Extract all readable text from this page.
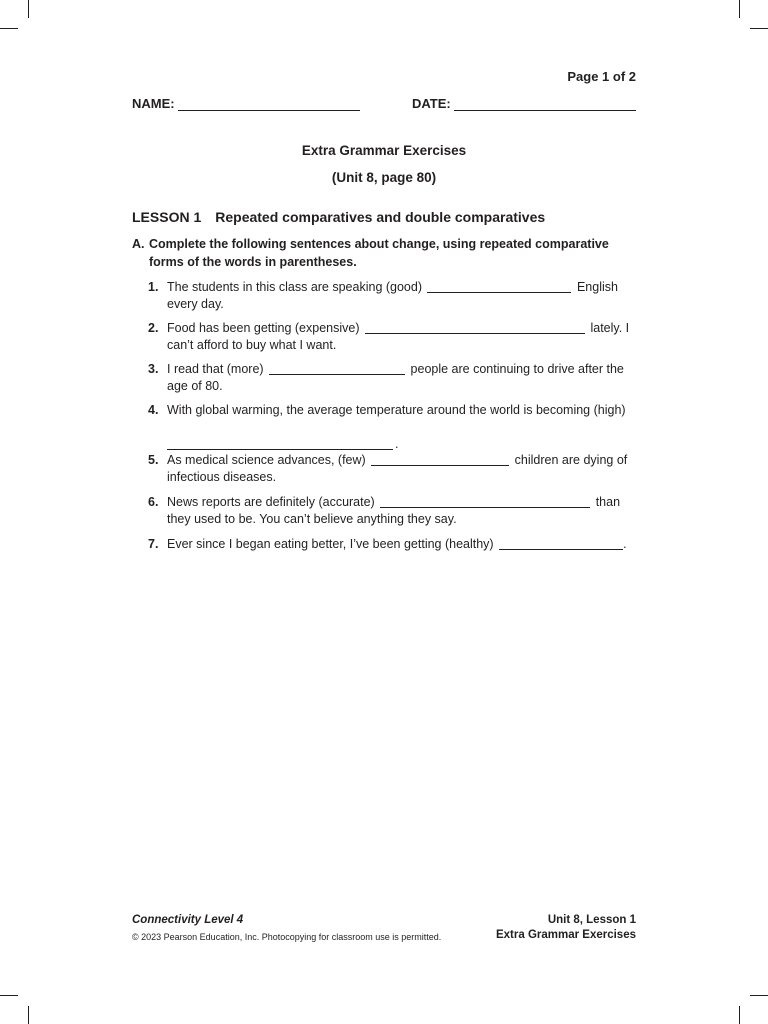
Page 1 of 2
NAME:	DATE:
Extra Grammar Exercises
(Unit 8, page 80)
LESSON 1 Repeated comparatives and double comparatives
A. Complete the following sentences about change, using repeated comparative forms of the words in parentheses.
1. The students in this class are speaking (good)	English every day.
2. Food has been getting (expensive)	lately. I can’t afford to buy what I want.
3. I read that (more)	people are continuing to drive after the age of 80.
4. With global warming, the average temperature around the world is becoming (high)

.
5. As medical science advances, (few)	children are dying of infectious diseases.
6. News reports are definitely (accurate)	than they used to be. You can’t believe anything they say.
7. Ever since I began eating better, I’ve been getting (healthy)	.
Connectivity Level 4
© 2023 Pearson Education, Inc. Photocopying for classroom use is permitted.
Unit 8, Lesson 1
Extra Grammar Exercises
